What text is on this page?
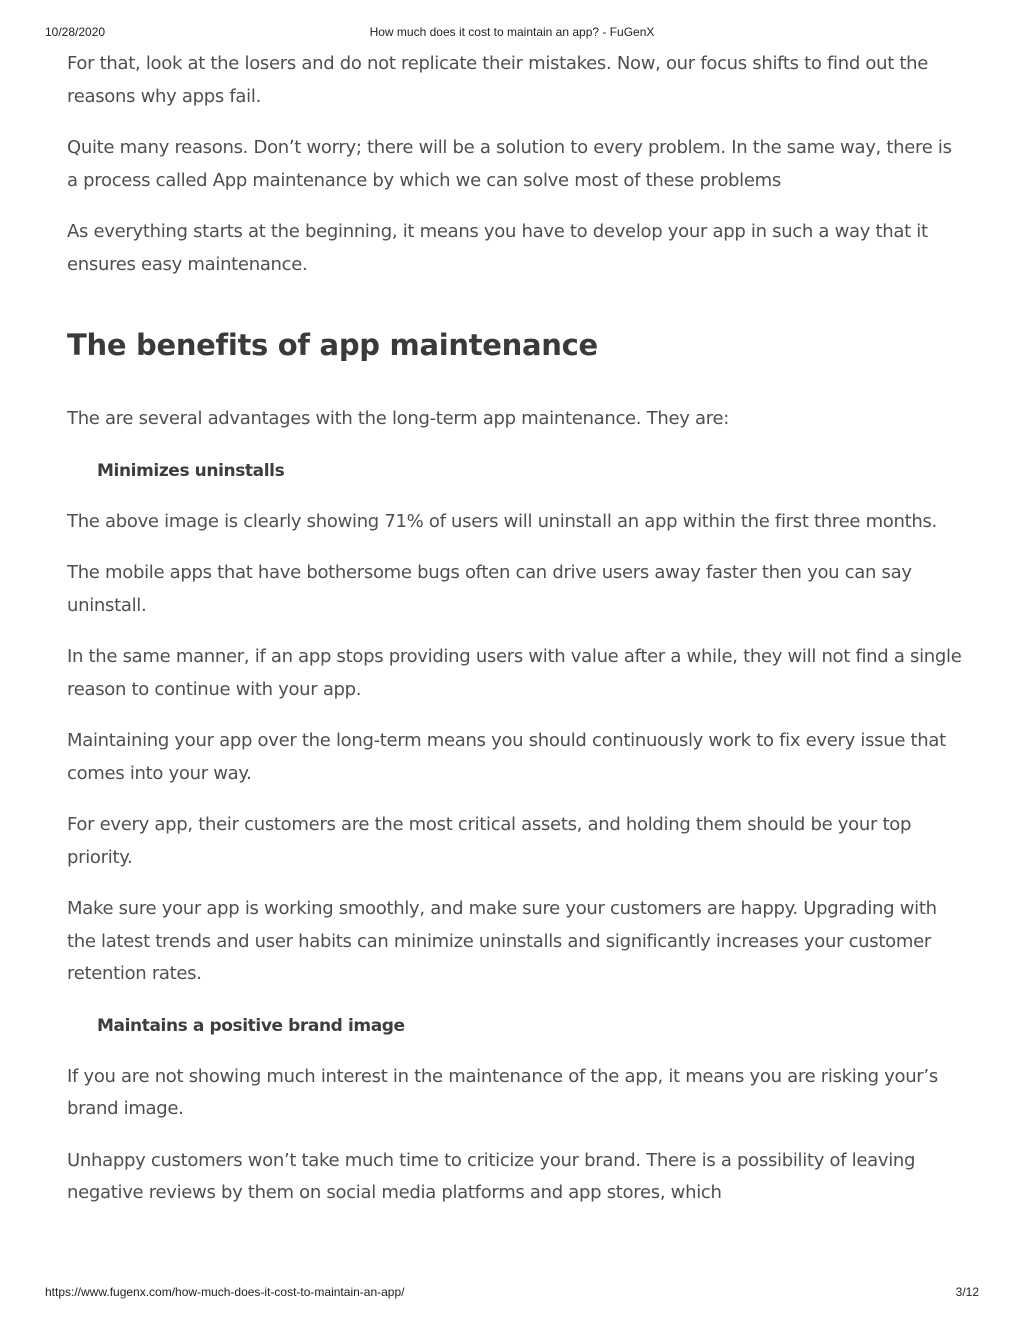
10/28/2020	How much does it cost to maintain an app? - FuGenX

For that, look at the losers and do not replicate their mistakes. Now, our focus shifts to find out the reasons why apps fail.

Quite many reasons. Don’t worry; there will be a solution to every problem. In the same way, there is a process called App maintenance by which we can solve most of these problems

As everything starts at the beginning, it means you have to develop your app in such a way that it ensures easy maintenance.

The benefits of app maintenance

The are several advantages with the long-term app maintenance. They are:

Minimizes uninstalls

The above image is clearly showing 71% of users will uninstall an app within the first three months.

The mobile apps that have bothersome bugs often can drive users away faster then you can say uninstall.

In the same manner, if an app stops providing users with value after a while, they will not find a single reason to continue with your app.

Maintaining your app over the long-term means you should continuously work to fix every issue that comes into your way.

For every app, their customers are the most critical assets, and holding them should be your top priority.

Make sure your app is working smoothly, and make sure your customers are happy. Upgrading with the latest trends and user habits can minimize uninstalls and significantly increases your customer retention rates.

Maintains a positive brand image

If you are not showing much interest in the maintenance of the app, it means you are risking your’s brand image.

Unhappy customers won’t take much time to criticize your brand. There is a possibility of leaving negative reviews by them on social media platforms and app stores, which

https://www.fugenx.com/how-much-does-it-cost-to-maintain-an-app/	3/12
